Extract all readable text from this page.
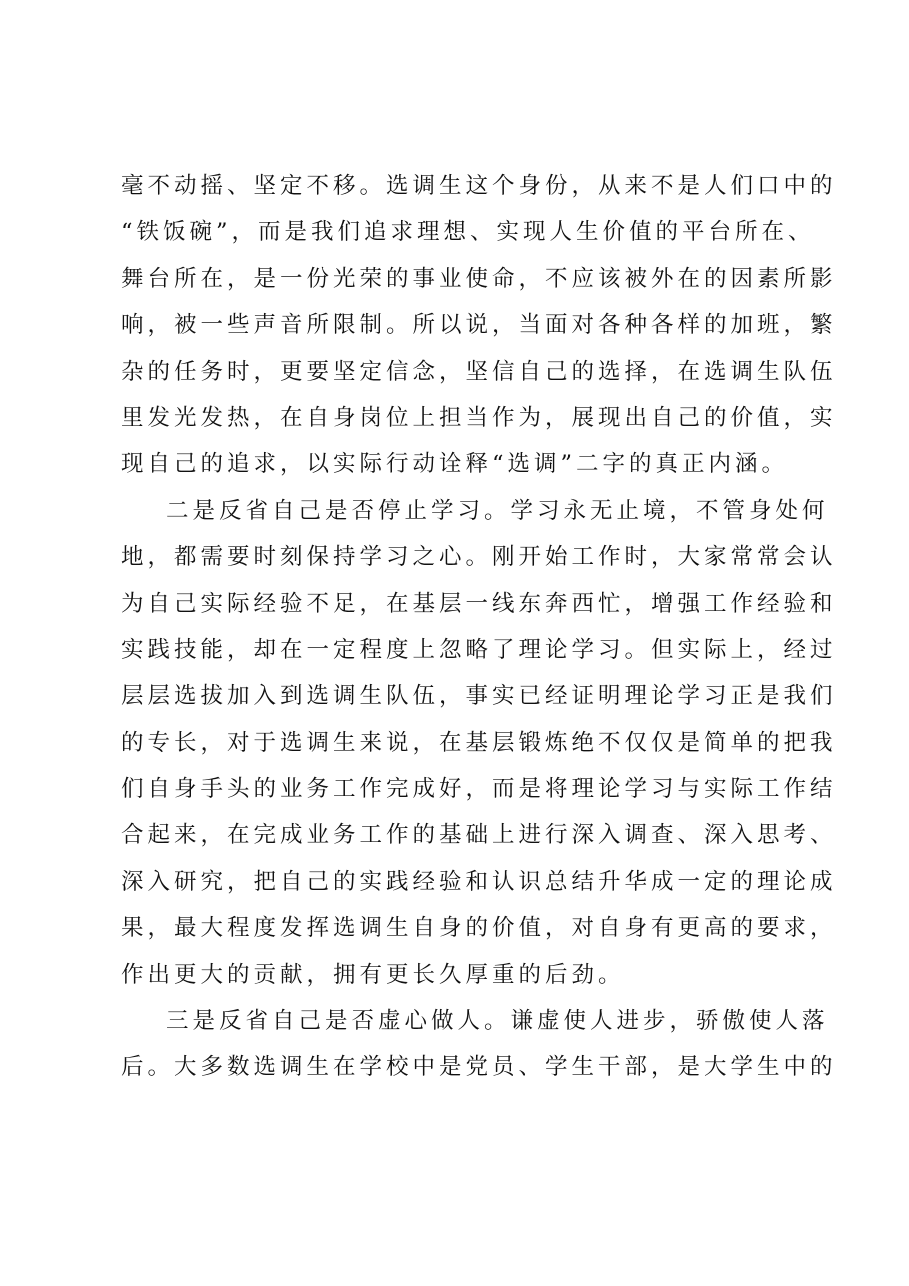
毫不动摇、坚定不移。选调生这个身份，从来不是人们口中的
“铁饭碗”，而是我们追求理想、实现人生价值的平台所在、
舞台所在，是一份光荣的事业使命，不应该被外在的因素所影
响，被一些声音所限制。所以说，当面对各种各样的加班，繁
杂的任务时，更要坚定信念，坚信自己的选择，在选调生队伍
里发光发热，在自身岗位上担当作为，展现出自己的价值，实
现自己的追求，以实际行动诠释“选调”二字的真正内涵。
二是反省自己是否停止学习。学习永无止境，不管身处何
地，都需要时刻保持学习之心。刚开始工作时，大家常常会认
为自己实际经验不足，在基层一线东奔西忙，增强工作经验和
实践技能，却在一定程度上忽略了理论学习。但实际上，经过
层层选拔加入到选调生队伍，事实已经证明理论学习正是我们
的专长，对于选调生来说，在基层锻炼绝不仅仅是简单的把我
们自身手头的业务工作完成好，而是将理论学习与实际工作结
合起来，在完成业务工作的基础上进行深入调查、深入思考、
深入研究，把自己的实践经验和认识总结升华成一定的理论成
果，最大程度发挥选调生自身的价值，对自身有更高的要求，
作出更大的贡献，拥有更长久厚重的后劲。
三是反省自己是否虚心做人。谦虚使人进步，骄傲使人落
后。大多数选调生在学校中是党员、学生干部，是大学生中的
